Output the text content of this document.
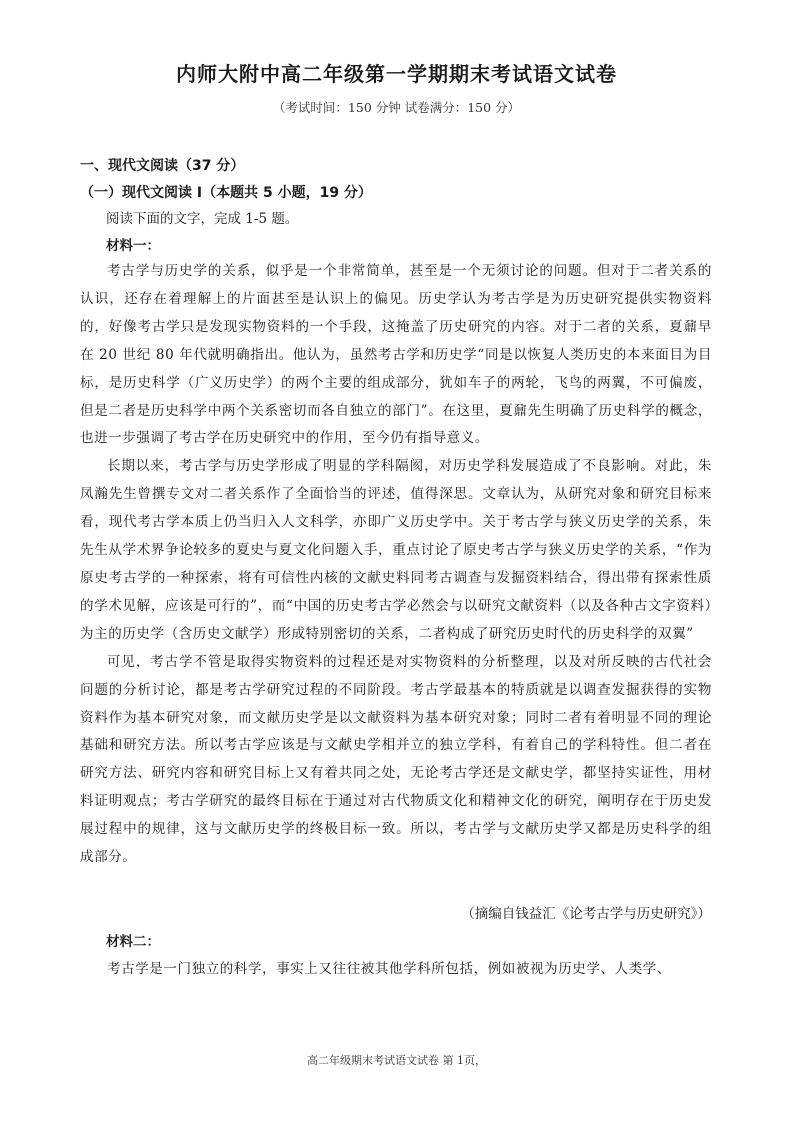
内师大附中高二年级第一学期期末考试语文试卷
（考试时间：150 分钟 试卷满分：150 分）
一、现代文阅读（37 分）
（一）现代文阅读 I（本题共 5 小题，19 分）
阅读下面的文字，完成 1-5 题。
材料一：

考古学与历史学的关系，似乎是一个非常简单，甚至是一个无须讨论的问题。但对于二者关系的认识，还存在着理解上的片面甚至是认识上的偏见。历史学认为考古学是为历史研究提供实物资料的，好像考古学只是发现实物资料的一个手段，这掩盖了历史研究的内容。对于二者的关系，夏鼐早在 20 世纪 80 年代就明确指出。他认为，虽然考古学和历史学“同是以恢复人类历史的本来面目为目标，是历史科学（广义历史学）的两个主要的组成部分，犹如车子的两轮，飞鸟的两翼，不可偏废，但是二者是历史科学中两个关系密切而各自独立的部门”。在这里，夏鼐先生明确了历史科学的概念，也进一步强调了考古学在历史研究中的作用，至今仍有指导意义。

长期以来，考古学与历史学形成了明显的学科隔阂，对历史学科发展造成了不良影响。对此，朱凤瀚先生曾撰专文对二者关系作了全面恰当的评述，值得深思。文章认为，从研究对象和研究目标来看，现代考古学本质上仍当归入人文科学，亦即广义历史学中。关于考古学与狭义历史学的关系，朱先生从学术界争论较多的夏史与夏文化问题入手，重点讨论了原史考古学与狭义历史学的关系，“作为原史考古学的一种探索，将有可信性内核的文献史料同考古调查与发掘资料结合，得出带有探索性质的学术见解，应该是可行的”，而“中国的历史考古学必然会与以研究文献资料（以及各种古文字资料）为主的历史学（含历史文献学）形成特别密切的关系，二者构成了研究历史时代的历史科学的双翼”

可见，考古学不管是取得实物资料的过程还是对实物资料的分析整理，以及对所反映的古代社会问题的分析讨论，都是考古学研究过程的不同阶段。考古学最基本的特质就是以调查发掘获得的实物资料作为基本研究对象，而文献历史学是以文献资料为基本研究对象；同时二者有着明显不同的理论基础和研究方法。所以考古学应该是与文献史学相并立的独立学科，有着自己的学科特性。但二者在研究方法、研究内容和研究目标上又有着共同之处，无论考古学还是文献史学，都坚持实证性，用材料证明观点；考古学研究的最终目标在于通过对古代物质文化和精神文化的研究，阐明存在于历史发展过程中的规律，这与文献历史学的终极目标一致。所以，考古学与文献历史学又都是历史科学的组成部分。

（摘编自钱益汇《论考古学与历史研究》）
材料二：
考古学是一门独立的科学，事实上又往往被其他学科所包括，例如被视为历史学、人类学、
高二年级期末考试语文试卷 第 1页，
